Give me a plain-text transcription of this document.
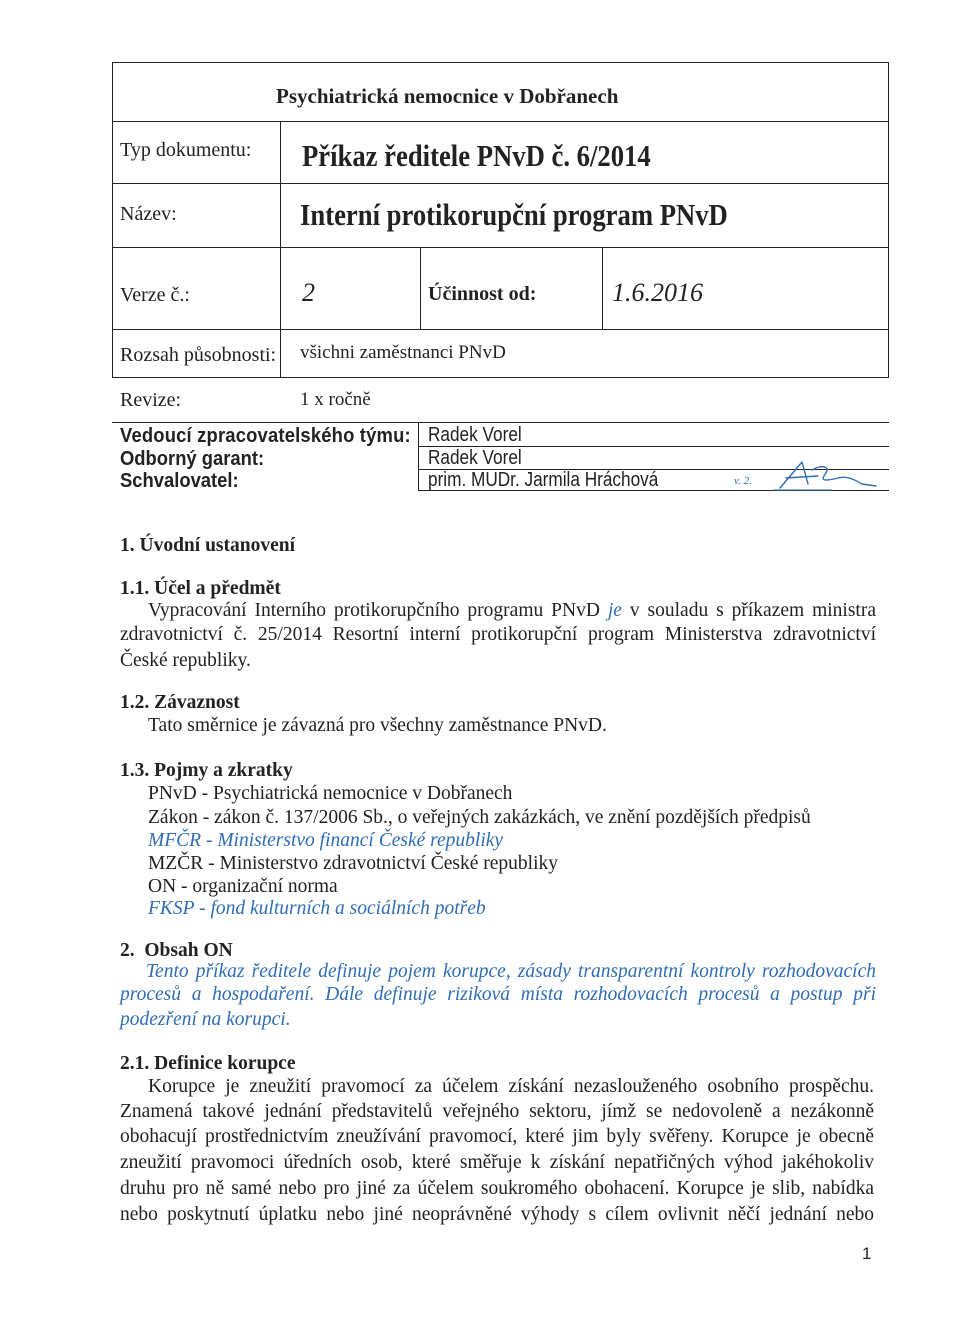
Psychiatrická nemocnice v Dobřanech
Typ dokumentu: Příkaz ředitele PNvD č. 6/2014
Název:	Interní protikorupční program PNvD
Verze č.:	2	Účinnost od:	1.6.2016
Rozsah působnosti: všichni zaměstnanci PNvD
Revize:	1 x ročně
Vedoucí zpracovatelského týmu: Radek Vorel
Odborný garant:	Radek Vorel
Schvalovatel:	prim. MUDr. Jarmila Hráchová	v. 2.
1. Úvodní ustanovení
1.1. Účel a předmět
Vypracování Interního protikorupčního programu PNvD je v souladu s příkazem ministra
zdravotnictví č. 25/2014 Resortní interní protikorupční program Ministerstva zdravotnictví
České republiky.
1.2. Závaznost
Tato směrnice je závazná pro všechny zaměstnance PNvD.
1.3. Pojmy a zkratky
PNvD - Psychiatrická nemocnice v Dobřanech
Zákon - zákon č. 137/2006 Sb., o veřejných zakázkách, ve znění pozdějších předpisů
MFČR - Ministerstvo financí České republiky
MZČR - Ministerstvo zdravotnictví České republiky
ON - organizační norma
FKSP - fond kulturních a sociálních potřeb
2.  Obsah ON
Tento příkaz ředitele definuje pojem korupce, zásady transparentní kontroly rozhodovacích
procesů a hospodaření. Dále definuje riziková místa rozhodovacích procesů a postup při
podezření na korupci.
2.1. Definice korupce
Korupce je zneužití pravomocí za účelem získání nezaslouženého osobního prospěchu.
Znamená takové jednání představitelů veřejného sektoru, jímž se nedovoleně a nezákonně
obohacují prostřednictvím zneužívání pravomocí, které jim byly svěřeny. Korupce je obecně
zneužití pravomoci úředních osob, které směřuje k získání nepatřičných výhod jakéhokoliv
druhu pro ně samé nebo pro jiné za účelem soukromého obohacení. Korupce je slib, nabídka
nebo poskytnutí úplatku nebo jiné neoprávněné výhody s cílem ovlivnit něčí jednání nebo
1
